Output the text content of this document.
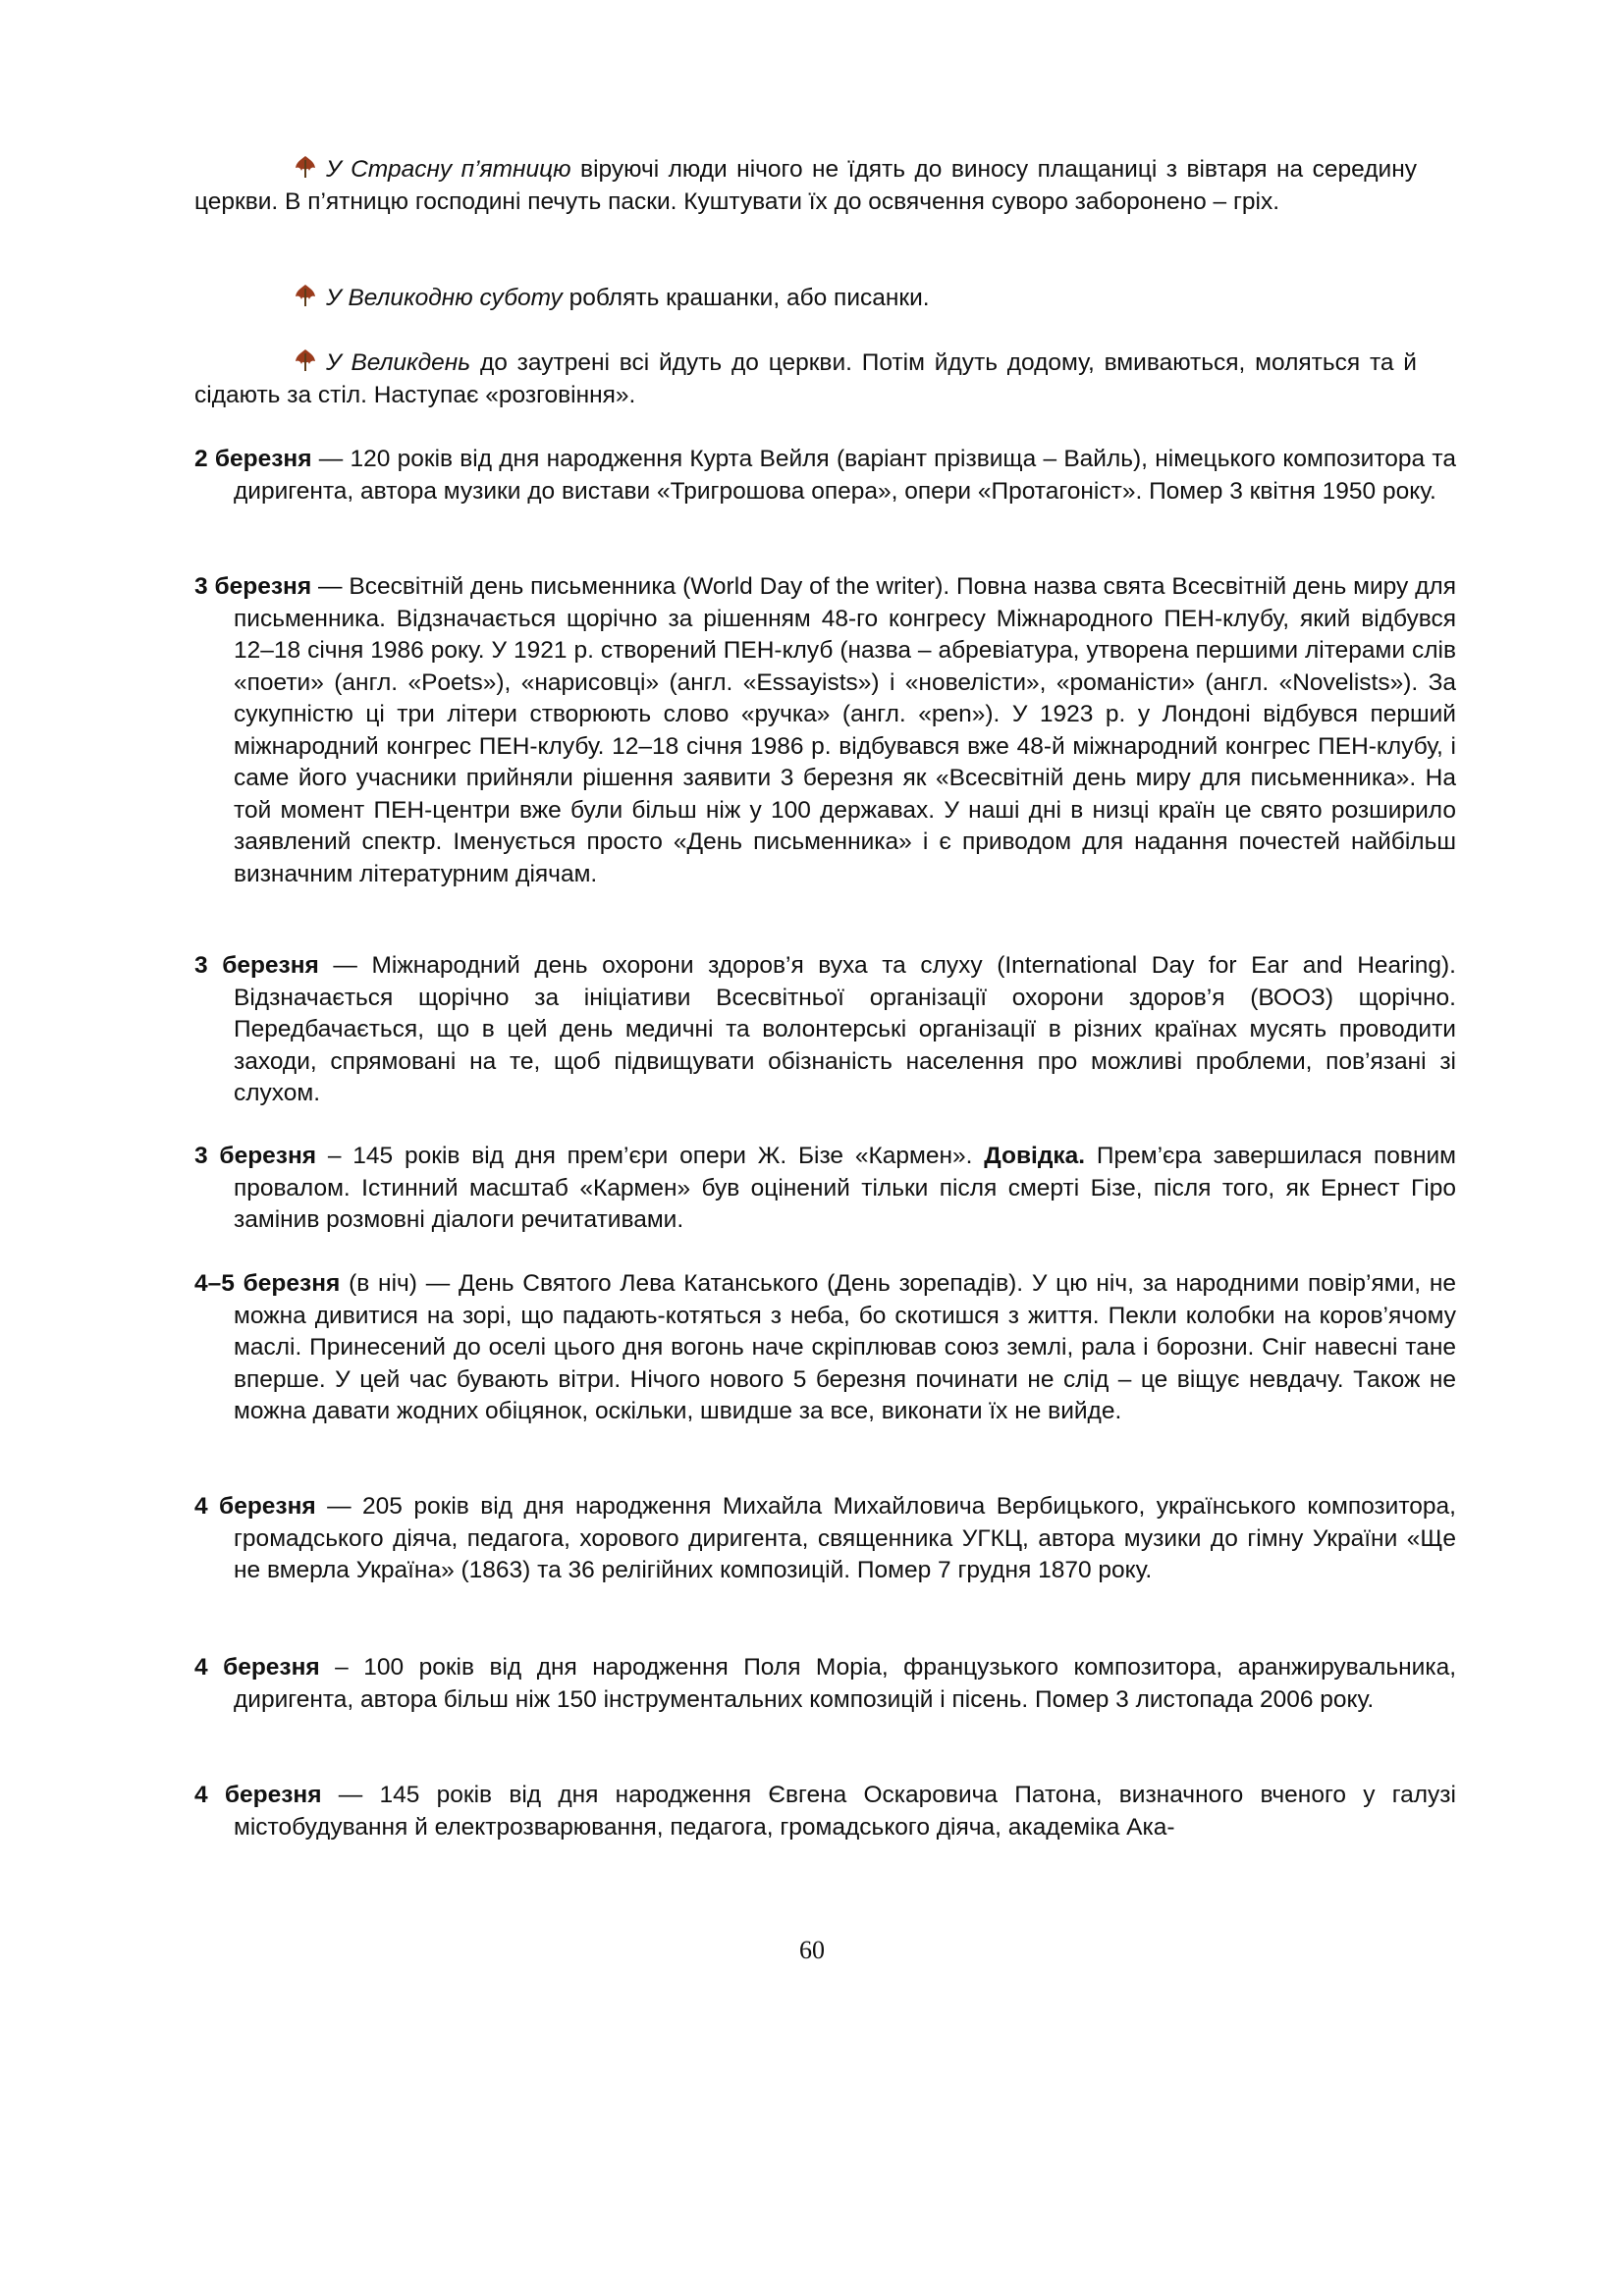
У Страсну п’ятницю віруючі люди нічого не їдять до виносу плащаниці з вівтаря на середину церкви. В п’ятницю господині печуть паски. Куштувати їх до освячення суворо заборонено – гріх.
У Великодню суботу роблять крашанки, або писанки.
У Великдень до заутрені всі йдуть до церкви. Потім йдуть додому, вмиваються, моляться та й сідають за стіл. Наступає «розговіння».
2 березня — 120 років від дня народження Курта Вейля (варіант прізвища – Вайль), німецького композитора та диригента, автора музики до вистави «Тригрошова опера», опери «Протагоніст». Помер 3 квітня 1950 року.
3 березня — Всесвітній день письменника (World Day of the writer). Повна назва свята Всесвітній день миру для письменника. Відзначається щорічно за рішенням 48-го конгресу Міжнародного ПЕН-клубу, який відбувся 12–18 січня 1986 року. У 1921 р. створений ПЕН-клуб (назва – абревіатура, утворена першими літерами слів «поети» (англ. «Poets»), «нарисовці» (англ. «Essayists») і «новелісти», «романісти» (англ. «Novelists»). За сукупністю ці три літери створюють слово «ручка» (англ. «pen»). У 1923 р. у Лондоні відбувся перший міжнародний конгрес ПЕН-клубу. 12–18 січня 1986 р. відбувався вже 48-й міжнародний конгрес ПЕН-клубу, і саме його учасники прийняли рішення заявити 3 березня як «Всесвітній день миру для письменника». На той момент ПЕН-центри вже були більш ніж у 100 державах. У наші дні в низці країн це свято розширило заявлений спектр. Іменується просто «День письменника» і є приводом для надання почестей найбільш визначним літературним діячам.
3 березня — Міжнародний день охорони здоров’я вуха та слуху (International Day for Ear and Hearing). Відзначається щорічно за ініціативи Всесвітньої організації охорони здоров’я (ВООЗ) щорічно. Передбачається, що в цей день медичні та волонтерські організації в різних країнах мусять проводити заходи, спрямовані на те, щоб підвищувати обізнаність населення про можливі проблеми, пов’язані зі слухом.
3 березня – 145 років від дня прем’єри опери Ж. Бізе «Кармен». Довідка. Прем’єра завершилася повним провалом. Істинний масштаб «Кармен» був оцінений тільки після смерті Бізе, після того, як Ернест Гіро замінив розмовні діалоги речитативами.
4–5 березня (в ніч) — День Святого Лева Катанського (День зорепадів). У цю ніч, за народними повір’ями, не можна дивитися на зорі, що падають-котяться з неба, бо скотишся з життя. Пекли колобки на коров’ячому маслі. Принесений до оселі цього дня вогонь наче скріплював союз землі, рала і борозни. Сніг навесні тане вперше. У цей час бувають вітри. Нічого нового 5 березня починати не слід – це віщує невдачу. Також не можна давати жодних обіцянок, оскільки, швидше за все, виконати їх не вийде.
4 березня — 205 років від дня народження Михайла Михайловича Вербицького, українського композитора, громадського діяча, педагога, хорового диригента, священника УГКЦ, автора музики до гімну України «Ще не вмерла Україна» (1863) та 36 релігійних композицій. Помер 7 грудня 1870 року.
4 березня – 100 років від дня народження Поля Моріа, французького композитора, аранжирувальника, диригента, автора більш ніж 150 інструментальних композицій і пісень. Помер 3 листопада 2006 року.
4 березня — 145 років від дня народження Євгена Оскаровича Патона, визначного вченого у галузі містобудування й електрозварювання, педагога, громадського діяча, академіка Ака-
60
